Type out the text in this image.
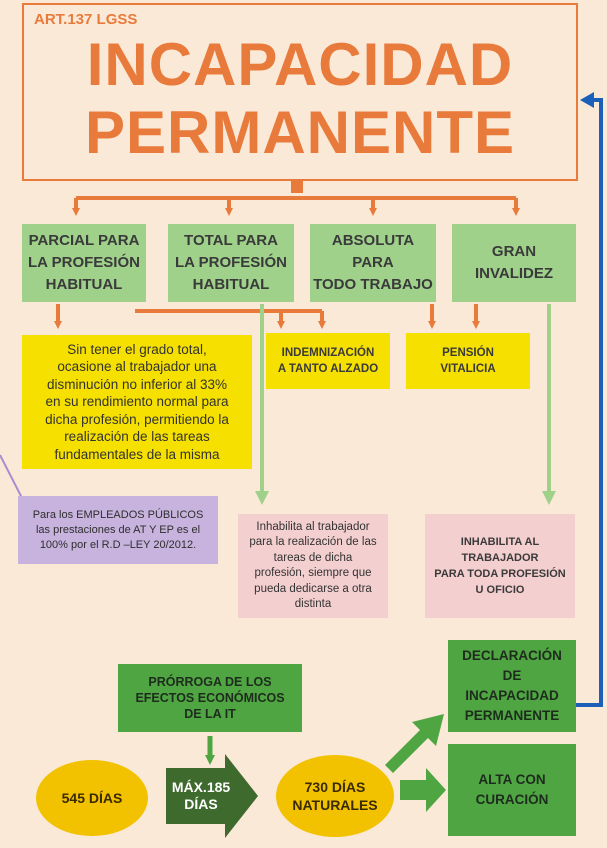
ART.137 LGSS
INCAPACIDAD
PERMANENTE
PARCIAL PARA
LA PROFESIÓN
HABITUAL
TOTAL PARA
LA PROFESIÓN
HABITUAL
ABSOLUTA
PARA
TODO TRABAJO
GRAN
INVALIDEZ
Sin tener el grado total,
ocasione al trabajador una
disminución no inferior al 33%
en su rendimiento normal para
dicha profesión, permitiendo la
realización de las tareas
fundamentales de la misma
INDEMNIZACIÓN
A TANTO ALZADO
PENSIÓN
VITALICIA
Para los EMPLEADOS PÚBLICOS
las prestaciones de AT Y EP es el
100% por el R.D –LEY 20/2012.
Inhabilita al trabajador
para la realización de las
tareas de dicha
profesión, siempre que
pueda dedicarse a otra
distinta
INHABILITA AL
TRABAJADOR
PARA TODA PROFESIÓN
U OFICIO
PRÓRROGA DE LOS
EFECTOS ECONÓMICOS
DE LA IT
545 DÍAS
MÁX.185
DÍAS
730 DÍAS
NATURALES
DECLARACIÓN
DE
INCAPACIDAD
PERMANENTE
ALTA CON
CURACIÓN
